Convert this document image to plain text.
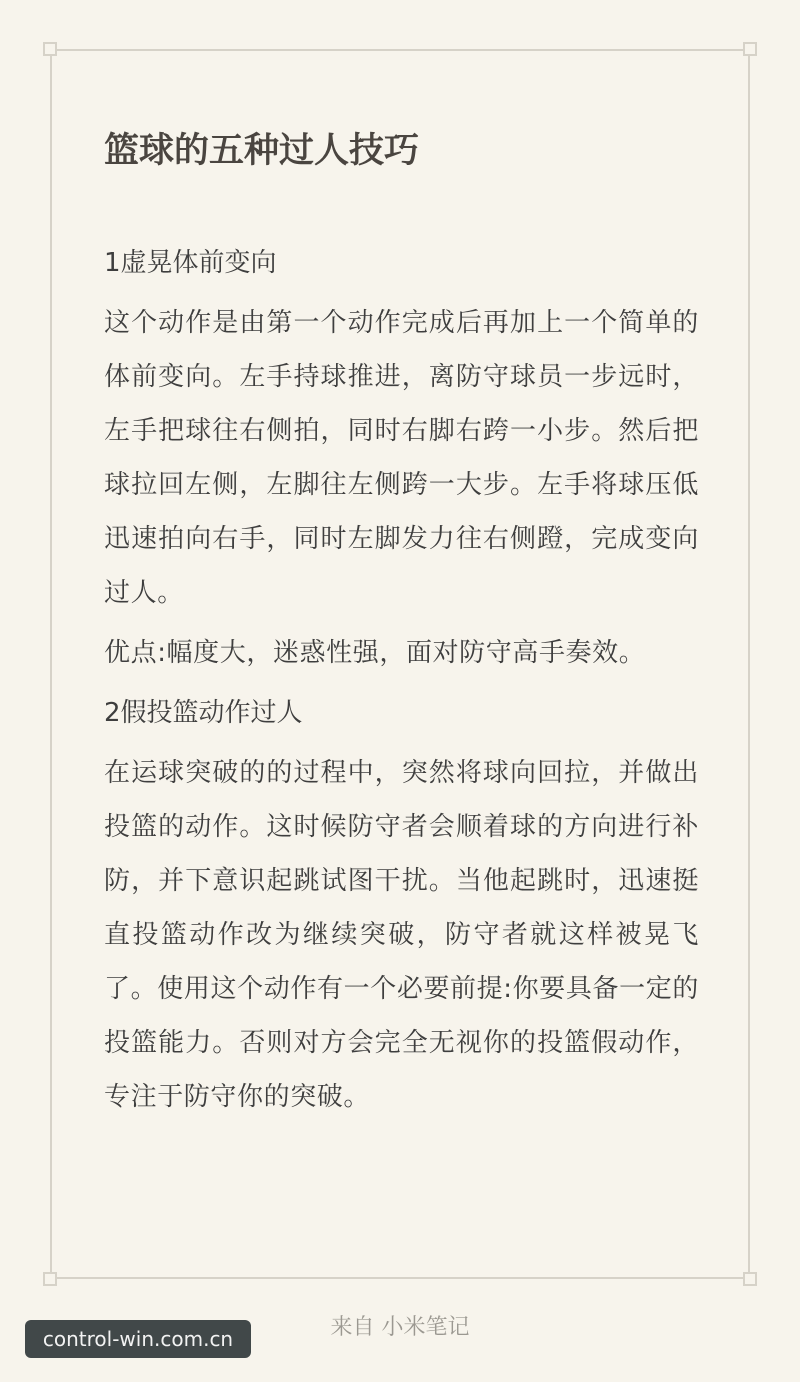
篮球的五种过人技巧

1虚晃体前变向

这个动作是由第一个动作完成后再加上一个简单的体前变向。左手持球推进，离防守球员一步远时，左手把球往右侧拍，同时右脚右跨一小步。然后把球拉回左侧，左脚往左侧跨一大步。左手将球压低迅速拍向右手，同时左脚发力往右侧蹬，完成变向过人。

优点:幅度大，迷惑性强，面对防守高手奏效。

2假投篮动作过人

在运球突破的的过程中，突然将球向回拉，并做出投篮的动作。这时候防守者会顺着球的方向进行补防，并下意识起跳试图干扰。当他起跳时，迅速挺直投篮动作改为继续突破，防守者就这样被晃飞了。使用这个动作有一个必要前提:你要具备一定的投篮能力。否则对方会完全无视你的投篮假动作，专注于防守你的突破。

来自 小米笔记
control-win.com.cn
